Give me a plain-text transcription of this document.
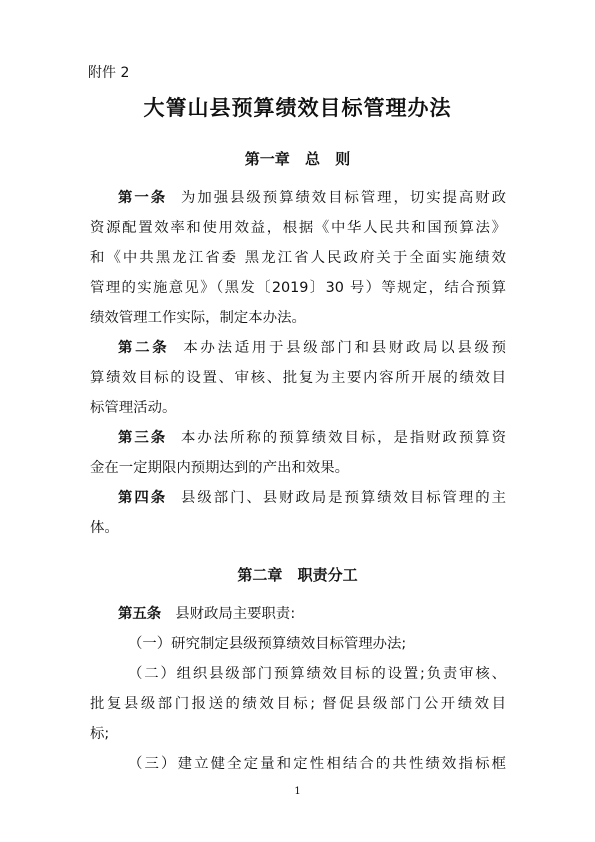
附件 2
大箐山县预算绩效目标管理办法
第一章 总 则
第一条 为加强县级预算绩效目标管理，切实提高财政
资源配置效率和使用效益，根据《中华人民共和国预算法》
和《中共黑龙江省委 黑龙江省人民政府关于全面实施绩效
管理的实施意见》（黑发〔2019〕30 号）等规定，结合预算
绩效管理工作实际，制定本办法。
第二条 本办法适用于县级部门和县财政局以县级预
算绩效目标的设置、审核、批复为主要内容所开展的绩效目
标管理活动。
第三条 本办法所称的预算绩效目标，是指财政预算资
金在一定期限内预期达到的产出和效果。
第四条 县级部门、县财政局是预算绩效目标管理的主
体。
第二章 职责分工
第五条 县财政局主要职责:
（一）研究制定县级预算绩效目标管理办法;
（二）组织县级部门预算绩效目标的设置;负责审核、
批复县级部门报送的绩效目标; 督促县级部门公开绩效目
标;
（三）建立健全定量和定性相结合的共性绩效指标框
1
